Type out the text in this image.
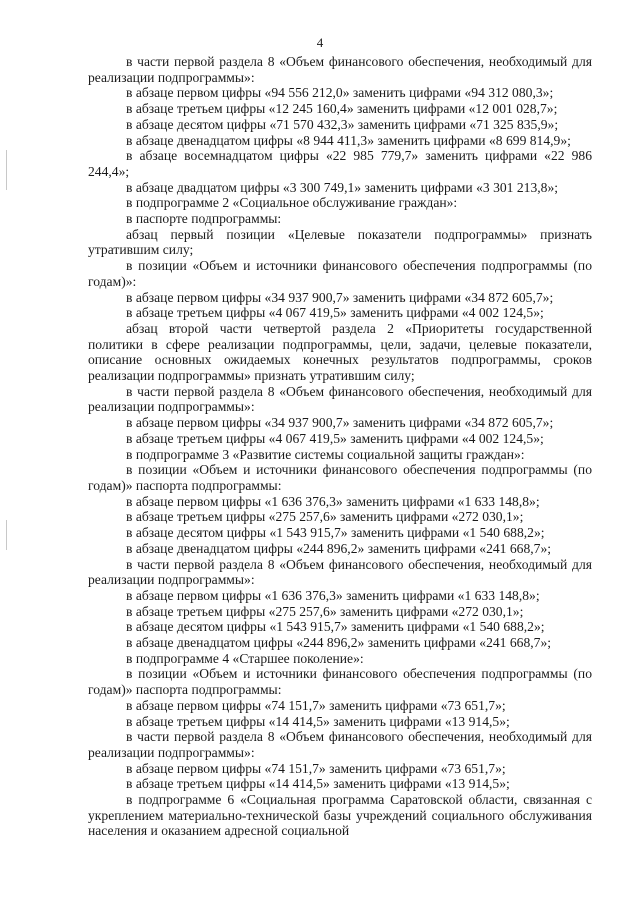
4

в части первой раздела 8 «Объем финансового обеспечения, необходимый для реализации подпрограммы»:

в абзаце первом цифры «94 556 212,0» заменить цифрами «94 312 080,3»;

в абзаце третьем цифры «12 245 160,4» заменить цифрами «12 001 028,7»;

в абзаце десятом цифры «71 570 432,3» заменить цифрами «71 325 835,9»;

в абзаце двенадцатом цифры «8 944 411,3» заменить цифрами «8 699 814,9»;

в абзаце восемнадцатом цифры «22 985 779,7» заменить цифрами «22 986 244,4»;

в абзаце двадцатом цифры «3 300 749,1» заменить цифрами «3 301 213,8»;

в подпрограмме 2 «Социальное обслуживание граждан»:

в паспорте подпрограммы:

абзац первый позиции «Целевые показатели подпрограммы» признать утратившим силу;

в позиции «Объем и источники финансового обеспечения подпрограммы (по годам)»:

в абзаце первом цифры «34 937 900,7» заменить цифрами «34 872 605,7»;

в абзаце третьем цифры «4 067 419,5» заменить цифрами «4 002 124,5»;

абзац второй части четвертой раздела 2 «Приоритеты государственной политики в сфере реализации подпрограммы, цели, задачи, целевые показатели, описание основных ожидаемых конечных результатов подпрограммы, сроков реализации подпрограммы» признать утратившим силу;

в части первой раздела 8 «Объем финансового обеспечения, необходимый для реализации подпрограммы»:

в абзаце первом цифры «34 937 900,7» заменить цифрами «34 872 605,7»;

в абзаце третьем цифры «4 067 419,5» заменить цифрами «4 002 124,5»;

в подпрограмме 3 «Развитие системы социальной защиты граждан»:

в позиции «Объем и источники финансового обеспечения подпрограммы (по годам)» паспорта подпрограммы:

в абзаце первом цифры «1 636 376,3» заменить цифрами «1 633 148,8»;

в абзаце третьем цифры «275 257,6» заменить цифрами «272 030,1»;

в абзаце десятом цифры «1 543 915,7» заменить цифрами «1 540 688,2»;

в абзаце двенадцатом цифры «244 896,2» заменить цифрами «241 668,7»;

в части первой раздела 8 «Объем финансового обеспечения, необходимый для реализации подпрограммы»:

в абзаце первом цифры «1 636 376,3» заменить цифрами «1 633 148,8»;

в абзаце третьем цифры «275 257,6» заменить цифрами «272 030,1»;

в абзаце десятом цифры «1 543 915,7» заменить цифрами «1 540 688,2»;

в абзаце двенадцатом цифры «244 896,2» заменить цифрами «241 668,7»;

в подпрограмме 4 «Старшее поколение»:

в позиции «Объем и источники финансового обеспечения подпрограммы (по годам)» паспорта подпрограммы:

в абзаце первом цифры «74 151,7» заменить цифрами «73 651,7»;

в абзаце третьем цифры «14 414,5» заменить цифрами «13 914,5»;

в части первой раздела 8 «Объем финансового обеспечения, необходимый для реализации подпрограммы»:

в абзаце первом цифры «74 151,7» заменить цифрами «73 651,7»;

в абзаце третьем цифры «14 414,5» заменить цифрами «13 914,5»;

в подпрограмме 6 «Социальная программа Саратовской области, связанная с укреплением материально-технической базы учреждений социального обслуживания населения и оказанием адресной социальной
